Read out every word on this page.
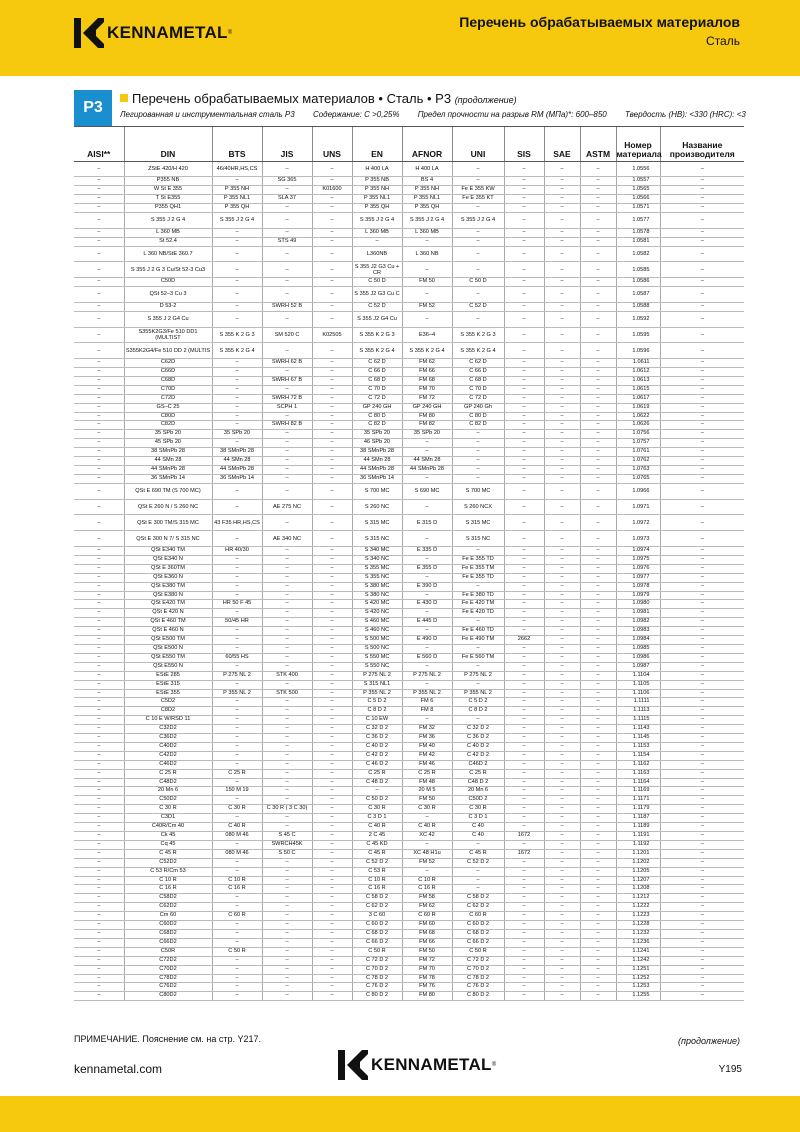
KENNAMETAL ®
Перечень обрабатываемых материалов
Сталь
P3
Перечень обрабатываемых материалов • Сталь • P3 (продолжение)
Легированная и инструментальная сталь P3 Содержание: C >0,25% Предел прочности на разрыв RM (МПа)*: 600–850 Твердость (HB): <330 (HRC): <3
AISI**	DIN	BTS	JIS	UNS	EN	AFNOR	UNI	SIS	SAE	ASTM	Номер материала	Название производителя
–	ZStE 420/H 420	46/40HR,HS,CS	–	–	H 400 LA	H 400 LA	–	–	–	–	1.0556	–
–	P355 NB	–	SG 365	–	P 355 NB	BS 4	–	–	–	–	1.0557	–
–	W St E 355	P 355 NH	–	K01600	P 355 NH	P 355 NH	Fe E 355 KW	–	–	–	1.0565	–
–	T St E355	P 355 NL1	SLA 37	–	P 355 NL1	P 355 NL1	Fe E 355 KT	–	–	–	1.0566	–
–	P355 QH1	P 355 QH	–	–	P 355 QH	P 355 QH	–	–	–	–	1.0571	–
–	S 355 J 2 G 4	S 355 J 2 G 4	–	–	S 355 J 2 G 4	S 355 J 2 G 4	S 355 J 2 G 4	–	–	–	1.0577	–
–	L 360 MB	–	–	–	L 360 MB	L 360 MB	–	–	–	–	1.0578	–
–	St 52.4	–	STS 49	–	–	–	–	–	–	–	1.0581	–
–	L 360 NB/StE 360.7	–	–	–	L360NB	L 360 NB	–	–	–	–	1.0582	–
–	S 355 J 2 G 3 Cu/St 52-3 Cu3	–	–	–	S 355 J2 G3 Cu + CR	–	–	–	–	–	1.0585	–
–	C50D	–	–	–	C 50 D	FM 50	C 50 D	–	–	–	1.0586	–
–	QSt 52–3 Cu 3	–	–	–	S 355 J2 G3 Cu C	–	–	–	–	–	1.0587	–
–	D 53-2	–	SWRH 52 B	–	C 52 D	FM 52	C 52 D	–	–	–	1.0588	–
–	S 355 J 2 G4 Cu	–	–	–	S 355 J2 G4 Cu	–	–	–	–	–	1.0592	–
–	S355K2G3/Fe 510 DD1 (MULTIST	S 355 K 2 G 3	SM 520 C	K02505	S 355 K 2 G 3	E36–4	S 355 K 2 G 3	–	–	–	1.0595	–
–	S355K2G4/Fe 510 DD 2 (MULTIS	S 355 K 2 G 4	–	–	S 355 K 2 G 4	S 355 K 2 G 4	S 355 K 2 G 4	–	–	–	1.0596	–
–	C62D	–	SWRH 62 B	–	C 62 D	FM 62	C 62 D	–	–	–	1.0611	–
–	C66D	–	–	–	C 66 D	FM 66	C 66 D	–	–	–	1.0612	–
–	C68D	–	SWRH 67 B	–	C 68 D	FM 68	C 68 D	–	–	–	1.0613	–
–	C70D	–	–	–	C 70 D	FM 70	C 70 D	–	–	–	1.0615	–
–	C72D	–	SWRH 72 B	–	C 72 D	FM 72	C 72 D	–	–	–	1.0617	–
–	GS–C 25	–	SCPH 1	–	GP 240 GH	GP 240 GH	GP 240 Gh	–	–	–	1.0619	–
–	C80D	–	–	–	C 80 D	FM 80	C 80 D	–	–	–	1.0622	–
–	C82D	–	SWRH 82 B	–	C 82 D	FM 82	C 82 D	–	–	–	1.0626	–
–	35 SPb 20	35 SPb 20	–	–	35 SPb 20	35 SPb 20	–	–	–	–	1.0756	–
–	45 SPb 20	–	–	–	46 SPb 20	–	–	–	–	–	1.0757	–
–	38 SMnPb 28	38 SMnPb 28	–	–	38 SMnPb 28	–	–	–	–	–	1.0761	–
–	44 SMn 28	44 SMn 28	–	–	44 SMn 28	44 SMn 28	–	–	–	–	1.0762	–
–	44 SMnPb 28	44 SMnPb 28	–	–	44 SMnPb 28	44 SMnPb 28	–	–	–	–	1.0763	–
–	36 SMnPb 14	36 SMnPb 14	–	–	36 SMnPb 14	–	–	–	–	–	1.0765	–
–	QSt E 690 TM (S 700 MC)	–	–	–	S 700 MC	S 690 MC	S 700 MC	–	–	–	1.0966	–
–	QSt E 260 N / S 260 NC	–	AE 275 NC	–	S 260 NC	–	S 260 NCX	–	–	–	1.0971	–
–	QSt E 300 TM/S 315 MC	43 F35 HR,HS,CS	–	–	S 315 MC	E 315 D	S 315 MC	–	–	–	1.0972	–
–	QSt E 300 N 7/ S 315 NC	–	AE 340 NC	–	S 315 NC	–	S 315 NC	–	–	–	1.0973	–
–	QSt E340 TM	HR 40/30	–	–	S 340 MC	E 335 D	–	–	–	–	1.0974	–
–	QSt E340 N	–	–	–	S 340 NC	–	Fe E 355 TD	–	–	–	1.0975	–
–	QSt E 360TM	–	–	–	S 355 MC	E 355 D	Fe E 355 TM	–	–	–	1.0976	–
–	QSt E360 N	–	–	–	S 355 NC	–	Fe E 355 TD	–	–	–	1.0977	–
–	QSt E380 TM	–	–	–	S 380 MC	E 390 D	–	–	–	–	1.0978	–
–	QSt E380 N	–	–	–	S 380 NC	–	Fe E 380 TD	–	–	–	1.0979	–
–	QSt E420 TM	HR 50 F 45	–	–	S 420 MC	E 430 D	Fe E 420 TM	–	–	–	1.0980	–
–	QSt E 420 N	–	–	–	S 420 NC	–	Fe E 420 TD	–	–	–	1.0981	–
–	QSt E 460 TM	50/45 HR	–	–	S 460 MC	E 445 D	–	–	–	–	1.0982	–
–	QSt E 460 N	–	–	–	S 460 NC	–	Fe E 460 TD	–	–	–	1.0983	–
–	QSt E500 TM	–	–	–	S 500 MC	E 490 D	Fe E 490 TM	2662	–	–	1.0984	–
–	QSt E500 N	–	–	–	S 500 NC	–	–	–	–	–	1.0985	–
–	QSt E550 TM	60/55 HS	–	–	S 550 MC	E 560 D	Fe E 560 TM	–	–	–	1.0986	–
–	QSt E550 N	–	–	–	S 550 NC	–	–	–	–	–	1.0987	–
–	EStE 285	P 275 NL 2	STK 400	–	P 275 NL 2	P 275 NL 2	P 275 NL 2	–	–	–	1.1104	–
–	EStE 315	–	–	–	S 315 NL1	–	–	–	–	–	1.1105	–
–	EStE 355	P 355 NL 2	STK 500	–	P 355 NL 2	P 355 NL 2	P 355 NL 2	–	–	–	1.1106	–
–	C5D2	–	–	–	C 5 D 2	FM 6	C 5 D 2	–	–	–	1.1111	–
–	C8D2	–	–	–	C 8 D 2	FM 8	C 8 D 2	–	–	–	1.1113	–
–	C 10 E W/RSD 11	–	–	–	C 10 EW	–	–	–	–	–	1.1115	–
–	C32D2	–	–	–	C 32 D 2	FM 32	C 32 D 2	–	–	–	1.1143	–
–	C36D2	–	–	–	C 36 D 2	FM 36	C 36 D 2	–	–	–	1.1145	–
–	C40D2	–	–	–	C 40 D 2	FM 40	C 40 D 2	–	–	–	1.1153	–
–	C42D2	–	–	–	C 42 D 2	FM 42	C 42 D 2	–	–	–	1.1154	–
–	C46D2	–	–	–	C 46 D 2	FM 46	C46D 2	–	–	–	1.1162	–
–	C 25 R	C 25 R	–	–	C 25 R	C 25 R	C 25 R	–	–	–	1.1163	–
–	C48D2	–	–	–	C 48 D 2	FM 48	C48 D 2	–	–	–	1.1164	–
–	20 Mn 6	150 M 19	–	–	–	20 M 5	20 Mn 6	–	–	–	1.1169	–
–	C50D2	–	–	–	C 50 D 2	FM 50	C50D 2	–	–	–	1.1171	–
–	C 30 R	C 30 R	C 30 R ( 3 C 30)	–	C 30 R	C 30 R	C 30 R	–	–	–	1.1179	–
–	C3D1	–	–	–	C 3 D 1	–	C 3 D 1	–	–	–	1.1187	–
–	C40R/Cm 40	C 40 R	–	–	C 40 R	C 40 R	C 40	–	–	–	1.1189	–
–	Ck 45	080 M 46	S 45 C	–	2 C 45	XC 42	C 40	1672	–	–	1.1191	–
–	Cq 45	–	SWRCH45K	–	C 45 KD	–	–	–	–	–	1.1192	–
–	C 45 R	080 M 46	S 50 C	–	C 45 R	XC 48 H1u	C 45 R	1672	–	–	1.1201	–
–	C52D2	–	–	–	C 52 D 2	FM 52	C 52 D 2	–	–	–	1.1202	–
–	C 53 R/Cm 53	–	–	–	C 53 R	–	–	–	–	–	1.1205	–
–	C 10 R	C 10 R	–	–	C 10 R	C 10 R	–	–	–	–	1.1207	–
–	C 16 R	C 16 R	–	–	C 16 R	C 16 R	–	–	–	–	1.1208	–
–	C58D2	–	–	–	C 58 D 2	FM 58	C 58 D 2	–	–	–	1.1212	–
–	C62D2	–	–	–	C 62 D 2	FM 62	C 62 D 2	–	–	–	1.1222	–
–	Cm 60	C 60 R	–	–	3 C 60	C 60 R	C 60 R	–	–	–	1.1223	–
–	C60D2	–	–	–	C 60 D 2	FM 60	C 60 D 2	–	–	–	1.1228	–
–	C68D2	–	–	–	C 68 D 2	FM 68	C 68 D 2	–	–	–	1.1232	–
–	C66D2	–	–	–	C 66 D 2	FM 66	C 66 D 2	–	–	–	1.1236	–
–	C50R	C 50 R	–	–	C 50 R	FM 50	C 50 R	–	–	–	1.1241	–
–	C72D2	–	–	–	C 72 D 2	FM 72	C 72 D 2	–	–	–	1.1242	–
–	C70D2	–	–	–	C 70 D 2	FM 70	C 70 D 2	–	–	–	1.1251	–
–	C78D2	–	–	–	C 78 D 2	FM 78	C 78 D 2	–	–	–	1.1252	–
–	C76D2	–	–	–	C 76 D 2	FM 76	C 76 D 2	–	–	–	1.1253	–
–	C80D2	–	–	–	C 80 D 2	FM 80	C 80 D 2	–	–	–	1.1255	–
ПРИМЕЧАНИЕ. Пояснение см. на стр. Y217.	(продолжение)
KENNAMETAL ®
kennametal.com	Y195
